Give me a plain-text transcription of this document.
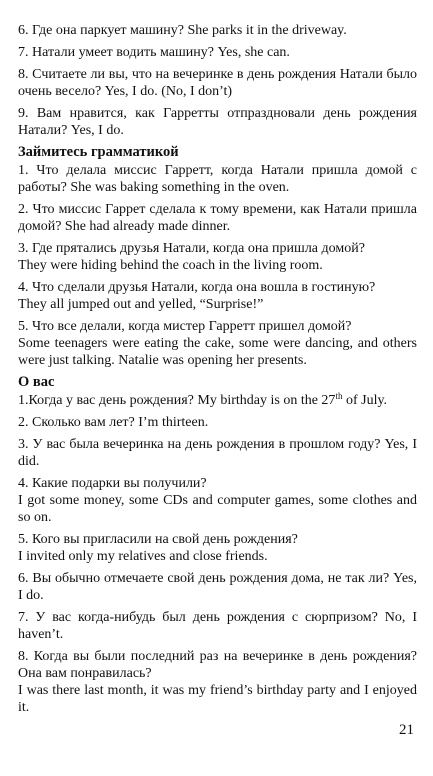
6. Где она паркует машину? She parks it in the driveway.

7. Натали умеет водить машину? Yes, she can.

8. Считаете ли вы, что на вечеринке в день рождения Натали было очень весело? Yes, I do. (No, I don’t)

9. Вам нравится, как Гарретты отпраздновали день рождения Натали? Yes, I do.

Займитесь грамматикой

1. Что делала миссис Гарретт, когда Натали пришла домой с работы? She was baking something in the oven.

2. Что миссис Гаррет сделала к тому времени, как Натали пришла домой? She had already made dinner.

3. Где прятались друзья Натали, когда она пришла домой?
They were hiding behind the coach in the living room.

4. Что сделали друзья Натали, когда она вошла в гостиную?
They all jumped out and yelled, “Surprise!”

5. Что все делали, когда мистер Гарретт пришел домой?
Some teenagers were eating the cake, some were dancing, and others were just talking. Natalie was opening her presents.

О вас

1.Когда у вас день рождения? My birthday is on the 27th of July.

2. Сколько вам лет? I’m thirteen.

3. У вас была вечеринка на день рождения в прошлом году? Yes, I did.

4. Какие подарки вы получили?
I got some money, some CDs and computer games, some clothes and so on.

5. Кого вы пригласили на свой день рождения?
I invited only my relatives and close friends.

6. Вы обычно отмечаете свой день рождения дома, не так ли? Yes, I do.

7. У вас когда-нибудь был день рождения с сюрпризом? No, I haven’t.

8. Когда вы были последний раз на вечеринке в день рождения? Она вам понравилась?
I was there last month, it was my friend’s birthday party and I enjoyed it.

21
